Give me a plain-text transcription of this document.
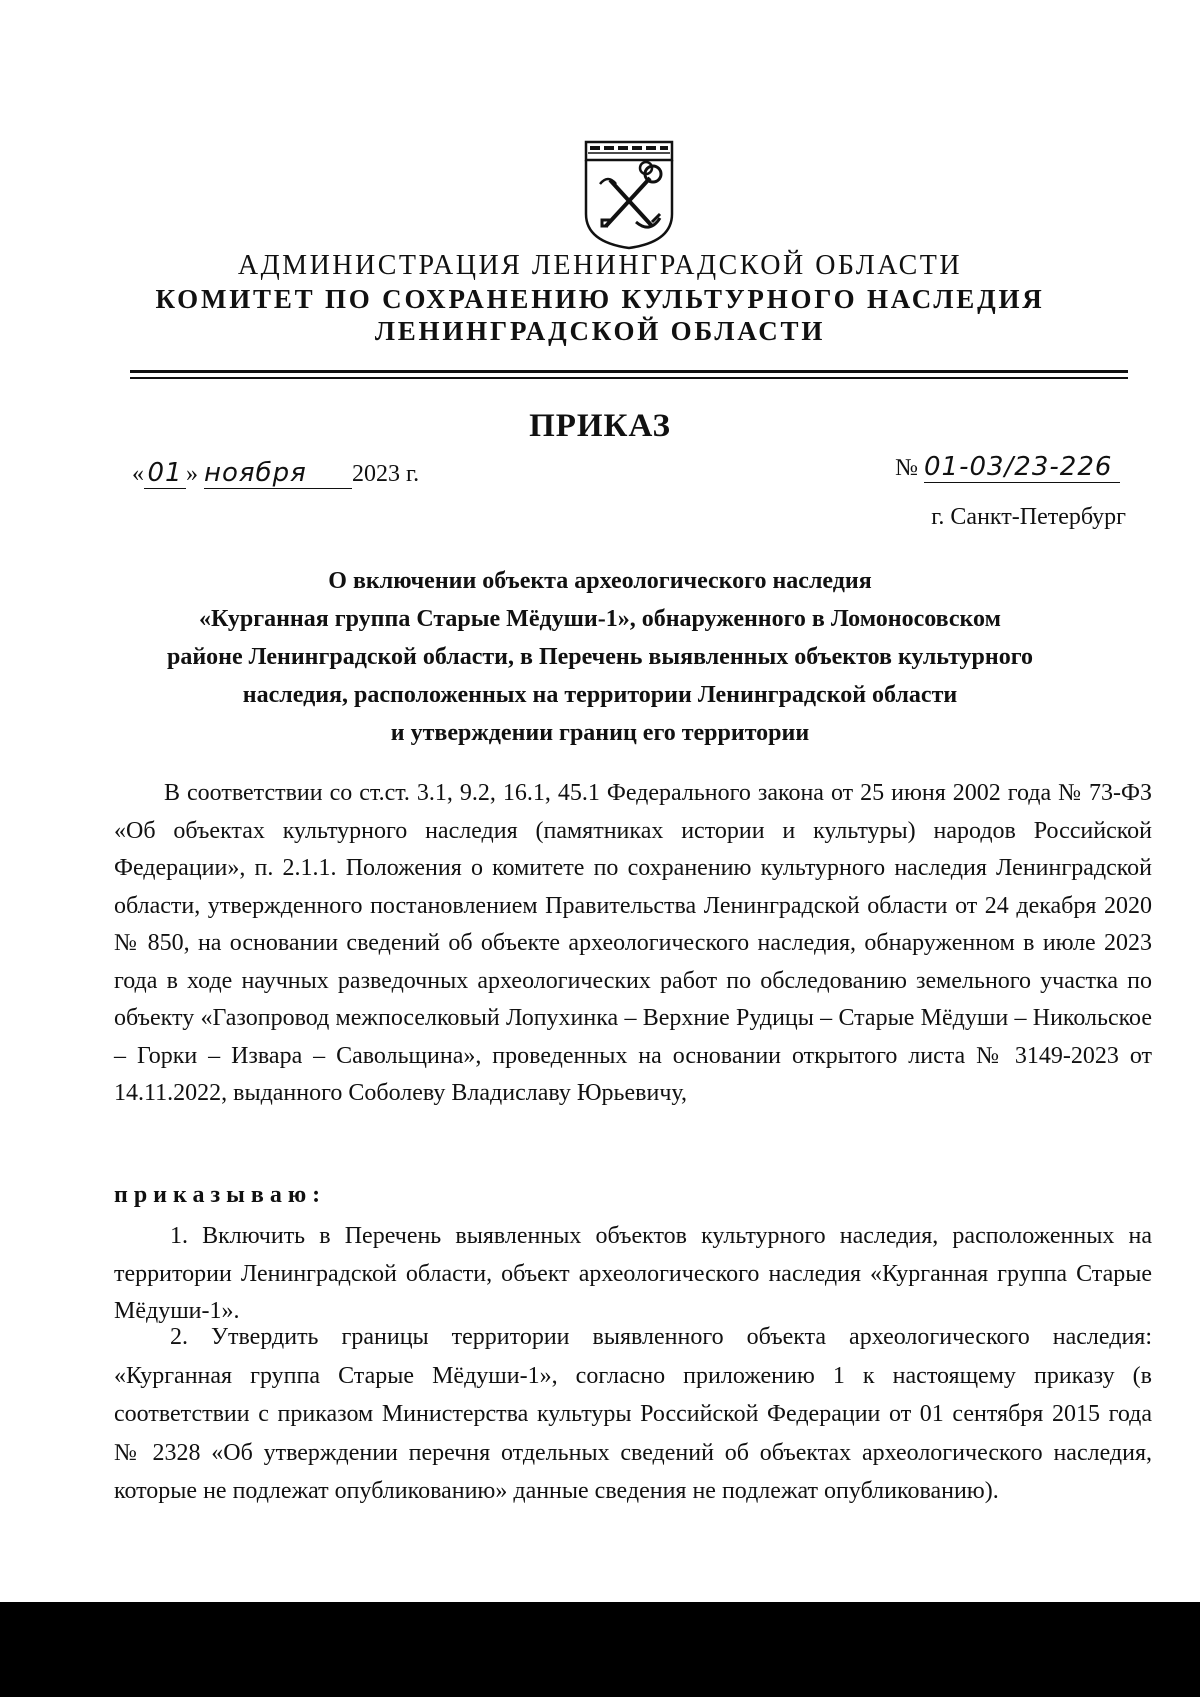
АДМИНИСТРАЦИЯ ЛЕНИНГРАДСКОЙ ОБЛАСТИ
КОМИТЕТ ПО СОХРАНЕНИЮ КУЛЬТУРНОГО НАСЛЕДИЯ
ЛЕНИНГРАДСКОЙ ОБЛАСТИ
ПРИКАЗ
« 01 » ноября 2023 г.	№ 01-03/23-226
г. Санкт-Петербург
О включении объекта археологического наследия
«Курганная группа Старые Мёдуши-1», обнаруженного в Ломоносовском
районе Ленинградской области, в Перечень выявленных объектов культурного
наследия, расположенных на территории Ленинградской области
и утверждении границ его территории
В соответствии со ст.ст. 3.1, 9.2, 16.1, 45.1 Федерального закона от 25 июня 2002 года № 73-ФЗ «Об объектах культурного наследия (памятниках истории и культуры) народов Российской Федерации», п. 2.1.1. Положения о комитете по сохранению культурного наследия Ленинградской области, утвержденного постановлением Правительства Ленинградской области от 24 декабря 2020 № 850, на основании сведений об объекте археологического наследия, обнаруженном в июле 2023 года в ходе научных разведочных археологических работ по обследованию земельного участка по объекту «Газопровод межпоселковый Лопухинка – Верхние Рудицы – Старые Мёдуши – Никольское – Горки – Извара – Савольщина», проведенных на основании открытого листа № 3149-2023 от 14.11.2022, выданного Соболеву Владиславу Юрьевичу,
приказываю:
1. Включить в Перечень выявленных объектов культурного наследия, расположенных на территории Ленинградской области, объект археологического наследия «Курганная группа Старые Мёдуши-1».
2. Утвердить границы территории выявленного объекта археологического наследия: «Курганная группа Старые Мёдуши-1», согласно приложению 1 к настоящему приказу (в соответствии с приказом Министерства культуры Российской Федерации от 01 сентября 2015 года № 2328 «Об утверждении перечня отдельных сведений об объектах археологического наследия, которые не подлежат опубликованию» данные сведения не подлежат опубликованию).
